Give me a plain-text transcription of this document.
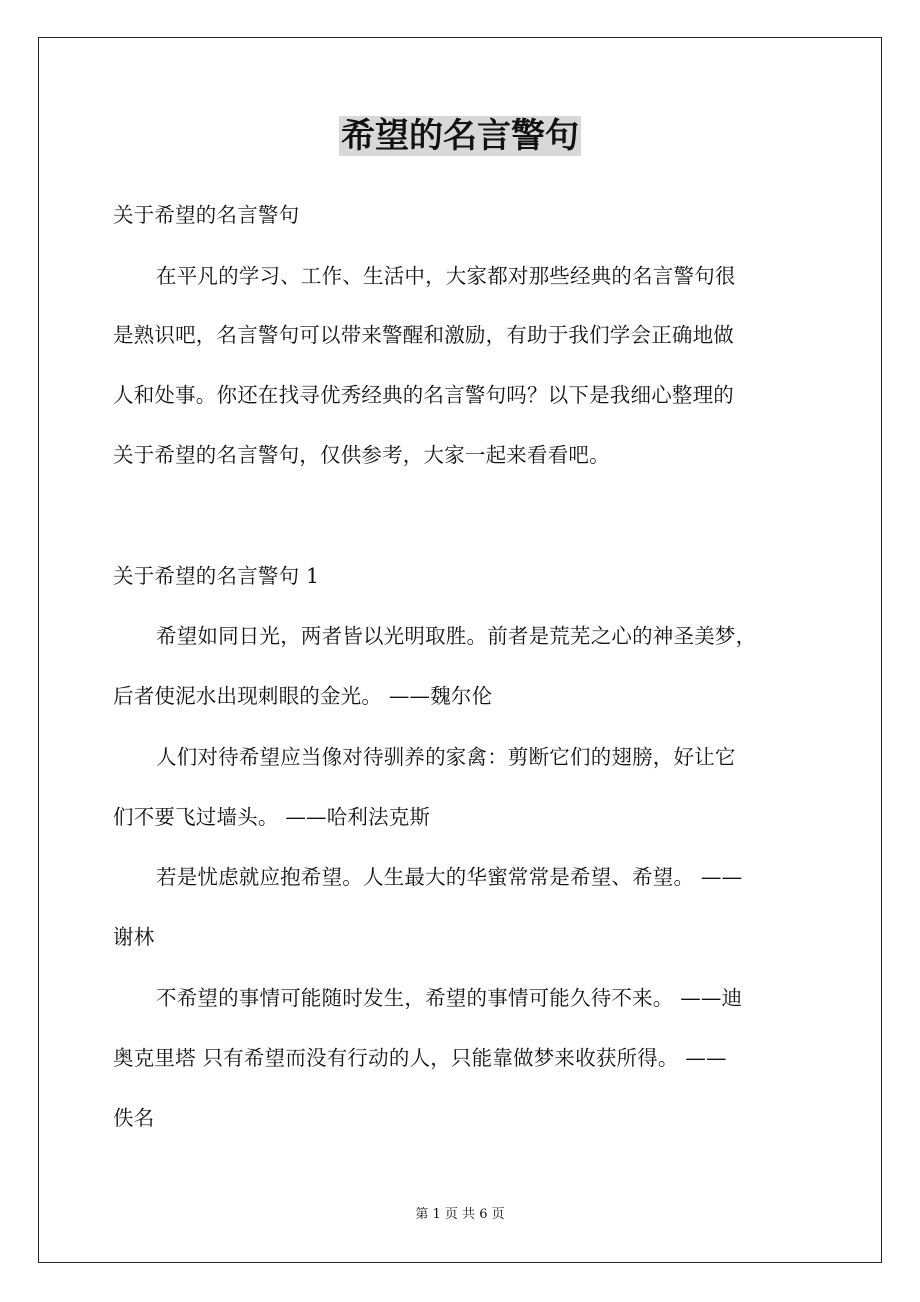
希望的名言警句
关于希望的名言警句
在平凡的学习、工作、生活中，大家都对那些经典的名言警句很
是熟识吧，名言警句可以带来警醒和激励，有助于我们学会正确地做
人和处事。你还在找寻优秀经典的名言警句吗？以下是我细心整理的
关于希望的名言警句，仅供参考，大家一起来看看吧。
关于希望的名言警句 1
希望如同日光，两者皆以光明取胜。前者是荒芜之心的神圣美梦，
后者使泥水出现刺眼的金光。 ——魏尔伦
人们对待希望应当像对待驯养的家禽：剪断它们的翅膀，好让它
们不要飞过墙头。 ——哈利法克斯
若是忧虑就应抱希望。人生最大的华蜜常常是希望、希望。 ——
谢林
不希望的事情可能随时发生，希望的事情可能久待不来。 ——迪
奥克里塔 只有希望而没有行动的人，只能靠做梦来收获所得。 ——
佚名
第 1 页 共 6 页
